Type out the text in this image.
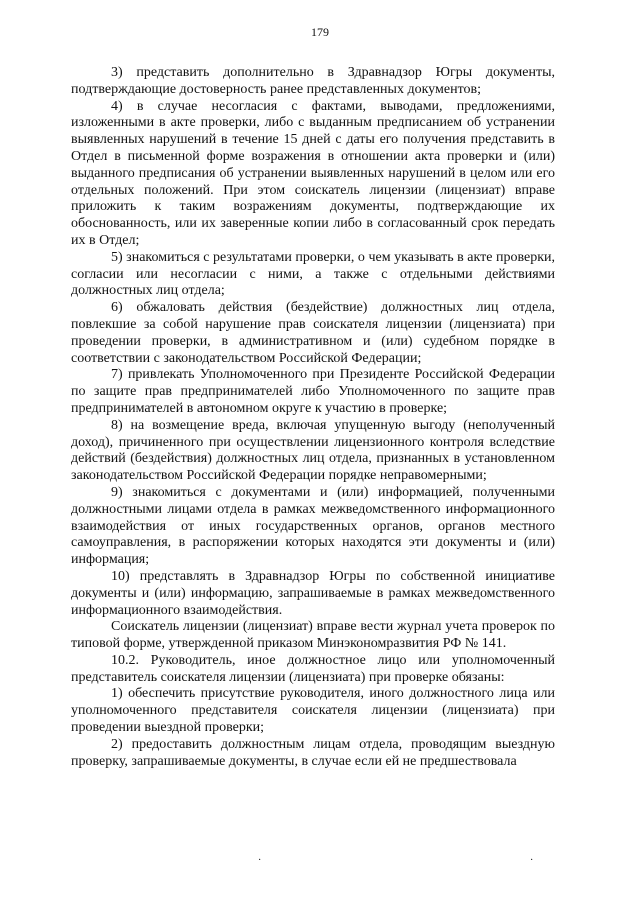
179

3) представить дополнительно в Здравнадзор Югры документы, подтверждающие достоверность ранее представленных документов;

4) в случае несогласия с фактами, выводами, предложениями, изложенными в акте проверки, либо с выданным предписанием об устранении выявленных нарушений в течение 15 дней с даты его получения представить в Отдел в письменной форме возражения в отношении акта проверки и (или) выданного предписания об устранении выявленных нарушений в целом или его отдельных положений. При этом соискатель лицензии (лицензиат) вправе приложить к таким возражениям документы, подтверждающие их обоснованность, или их заверенные копии либо в согласованный срок передать их в Отдел;

5) знакомиться с результатами проверки, о чем указывать в акте проверки, согласии или несогласии с ними, а также с отдельными действиями должностных лиц отдела;

6) обжаловать действия (бездействие) должностных лиц отдела, повлекшие за собой нарушение прав соискателя лицензии (лицензиата) при проведении проверки, в административном и (или) судебном порядке в соответствии с законодательством Российской Федерации;

7) привлекать Уполномоченного при Президенте Российской Федерации по защите прав предпринимателей либо Уполномоченного по защите прав предпринимателей в автономном округе к участию в проверке;

8) на возмещение вреда, включая упущенную выгоду (неполученный доход), причиненного при осуществлении лицензионного контроля вследствие действий (бездействия) должностных лиц отдела, признанных в установленном законодательством Российской Федерации порядке неправомерными;

9) знакомиться с документами и (или) информацией, полученными должностными лицами отдела в рамках межведомственного информационного взаимодействия от иных государственных органов, органов местного самоуправления, в распоряжении которых находятся эти документы и (или) информация;

10) представлять в Здравнадзор Югры по собственной инициативе документы и (или) информацию, запрашиваемые в рамках межведомственного информационного взаимодействия.

Соискатель лицензии (лицензиат) вправе вести журнал учета проверок по типовой форме, утвержденной приказом Минэкономразвития РФ № 141.

10.2. Руководитель, иное должностное лицо или уполномоченный представитель соискателя лицензии (лицензиата) при проверке обязаны:

1) обеспечить присутствие руководителя, иного должностного лица или уполномоченного представителя соискателя лицензии (лицензиата) при проведении выездной проверки;

2) предоставить должностным лицам отдела, проводящим выездную проверку, запрашиваемые документы, в случае если ей не предшествовала

·	·
